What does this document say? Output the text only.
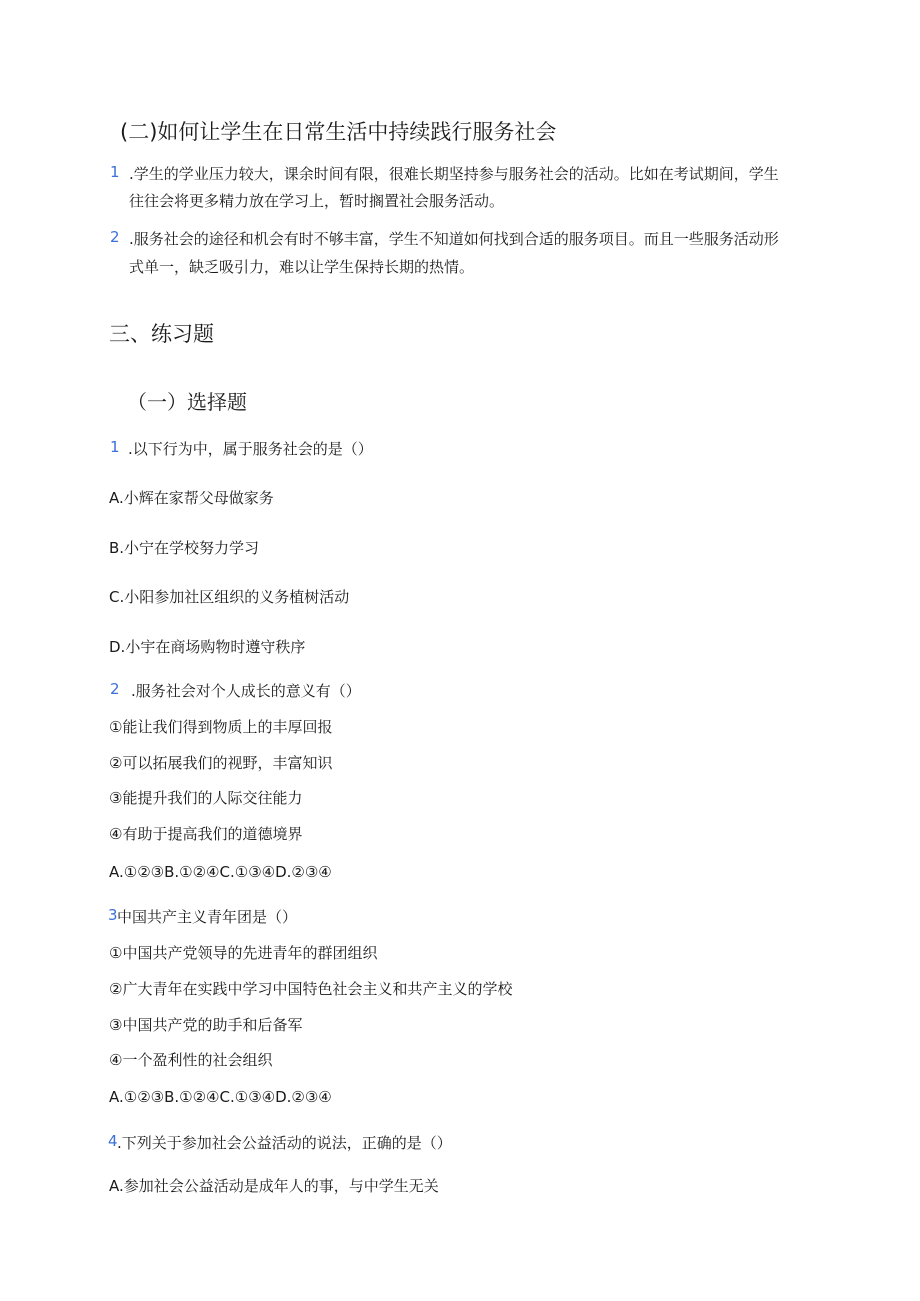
(二)如何让学生在日常生活中持续践行服务社会
1 .学生的学业压力较大，课余时间有限，很难长期坚持参与服务社会的活动。比如在考试期间，学生
往往会将更多精力放在学习上，暂时搁置社会服务活动。
2 .服务社会的途径和机会有时不够丰富，学生不知道如何找到合适的服务项目。而且一些服务活动形
式单一，缺乏吸引力，难以让学生保持长期的热情。
三、练习题
（一）选择题
1 .以下行为中，属于服务社会的是（）
A.小辉在家帮父母做家务
B.小宁在学校努力学习
C.小阳参加社区组织的义务植树活动
D.小宇在商场购物时遵守秩序
2 .服务社会对个人成长的意义有（）
①能让我们得到物质上的丰厚回报
②可以拓展我们的视野，丰富知识
③能提升我们的人际交往能力
④有助于提高我们的道德境界
A.①②③B.①②④C.①③④D.②③④
3 中国共产主义青年团是（）
①中国共产党领导的先进青年的群团组织
②广大青年在实践中学习中国特色社会主义和共产主义的学校
③中国共产党的助手和后备军
④一个盈利性的社会组织
A.①②③B.①②④C.①③④D.②③④
4 .下列关于参加社会公益活动的说法，正确的是（）
A.参加社会公益活动是成年人的事，与中学生无关
